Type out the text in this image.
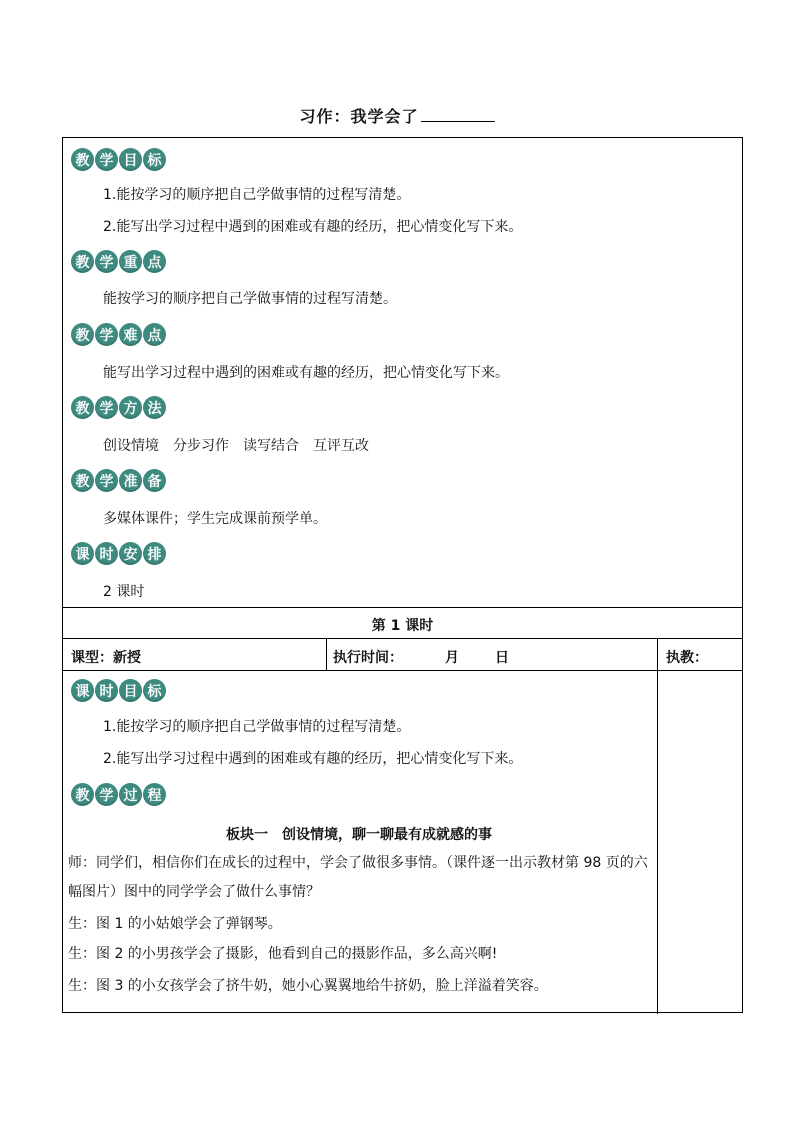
习作：我学会了
教 学 目 标
1.能按学习的顺序把自己学做事情的过程写清楚。
2.能写出学习过程中遇到的困难或有趣的经历，把心情变化写下来。
教 学 重 点
能按学习的顺序把自己学做事情的过程写清楚。
教 学 难 点
能写出学习过程中遇到的困难或有趣的经历，把心情变化写下来。
教 学 方 法
创设情境　分步习作　读写结合　互评互改
教 学 准 备
多媒体课件；学生完成课前预学单。
课 时 安 排
2 课时
第 1 课时
课型：新授	执行时间：	月	日	执教：
课 时 目 标
1.能按学习的顺序把自己学做事情的过程写清楚。
2.能写出学习过程中遇到的困难或有趣的经历，把心情变化写下来。
教 学 过 程
板块一　创设情境，聊一聊最有成就感的事
师：同学们，相信你们在成长的过程中，学会了做很多事情。（课件逐一出示教材第 98 页的六幅图片）图中的同学学会了做什么事情？
生：图 1 的小姑娘学会了弹钢琴。
生：图 2 的小男孩学会了摄影，他看到自己的摄影作品，多么高兴啊!
生：图 3 的小女孩学会了挤牛奶，她小心翼翼地给牛挤奶，脸上洋溢着笑容。
